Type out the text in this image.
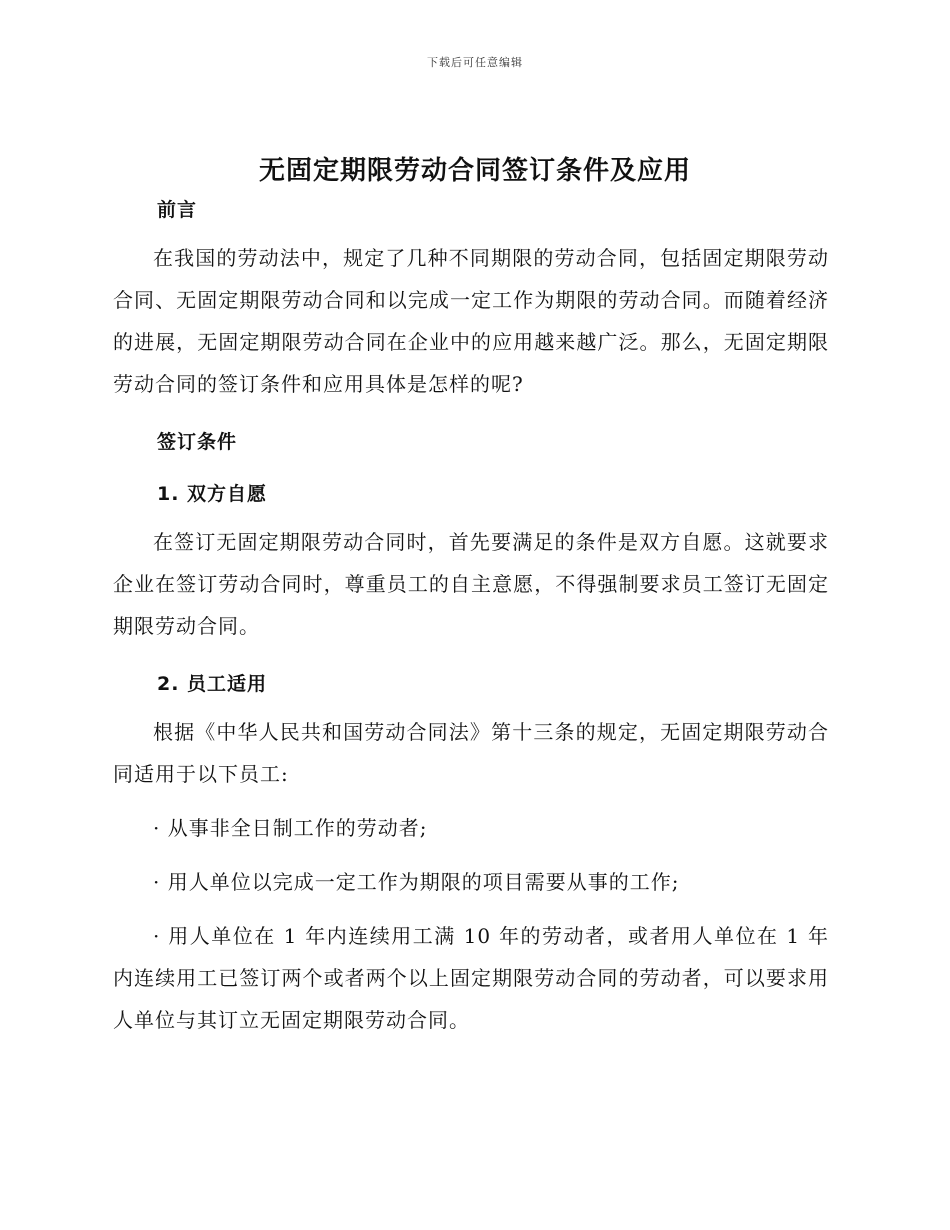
下载后可任意编辑
无固定期限劳动合同签订条件及应用
前言

在我国的劳动法中，规定了几种不同期限的劳动合同，包括固定期限劳动合同、无固定期限劳动合同和以完成一定工作为期限的劳动合同。而随着经济的进展，无固定期限劳动合同在企业中的应用越来越广泛。那么，无固定期限劳动合同的签订条件和应用具体是怎样的呢?

签订条件
1. 双方自愿

在签订无固定期限劳动合同时，首先要满足的条件是双方自愿。这就要求企业在签订劳动合同时，尊重员工的自主意愿，不得强制要求员工签订无固定期限劳动合同。

2. 员工适用

根据《中华人民共和国劳动合同法》第十三条的规定，无固定期限劳动合同适用于以下员工:

· 从事非全日制工作的劳动者;

· 用人单位以完成一定工作为期限的项目需要从事的工作;

· 用人单位在 1 年内连续用工满 10 年的劳动者，或者用人单位在 1 年内连续用工已签订两个或者两个以上固定期限劳动合同的劳动者，可以要求用人单位与其订立无固定期限劳动合同。
